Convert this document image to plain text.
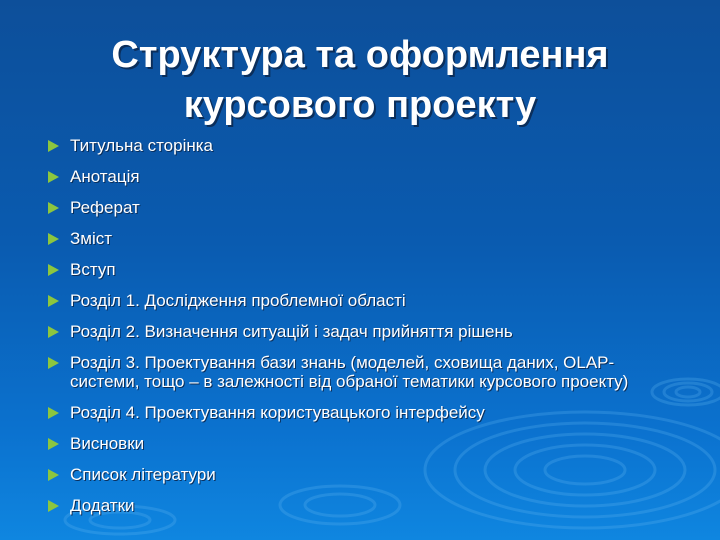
Структура та оформлення
курсового проекту
Титульна сторінка
Анотація
Реферат
Зміст
Вступ
Розділ 1. Дослідження проблемної області
Розділ 2. Визначення ситуацій і задач прийняття рішень
Розділ 3. Проектування бази знань (моделей, сховища даних, OLAP- системи, тощо – в залежності від обраної тематики курсового проекту)
Розділ 4. Проектування користувацького інтерфейсу
Висновки
Список літератури
Додатки
